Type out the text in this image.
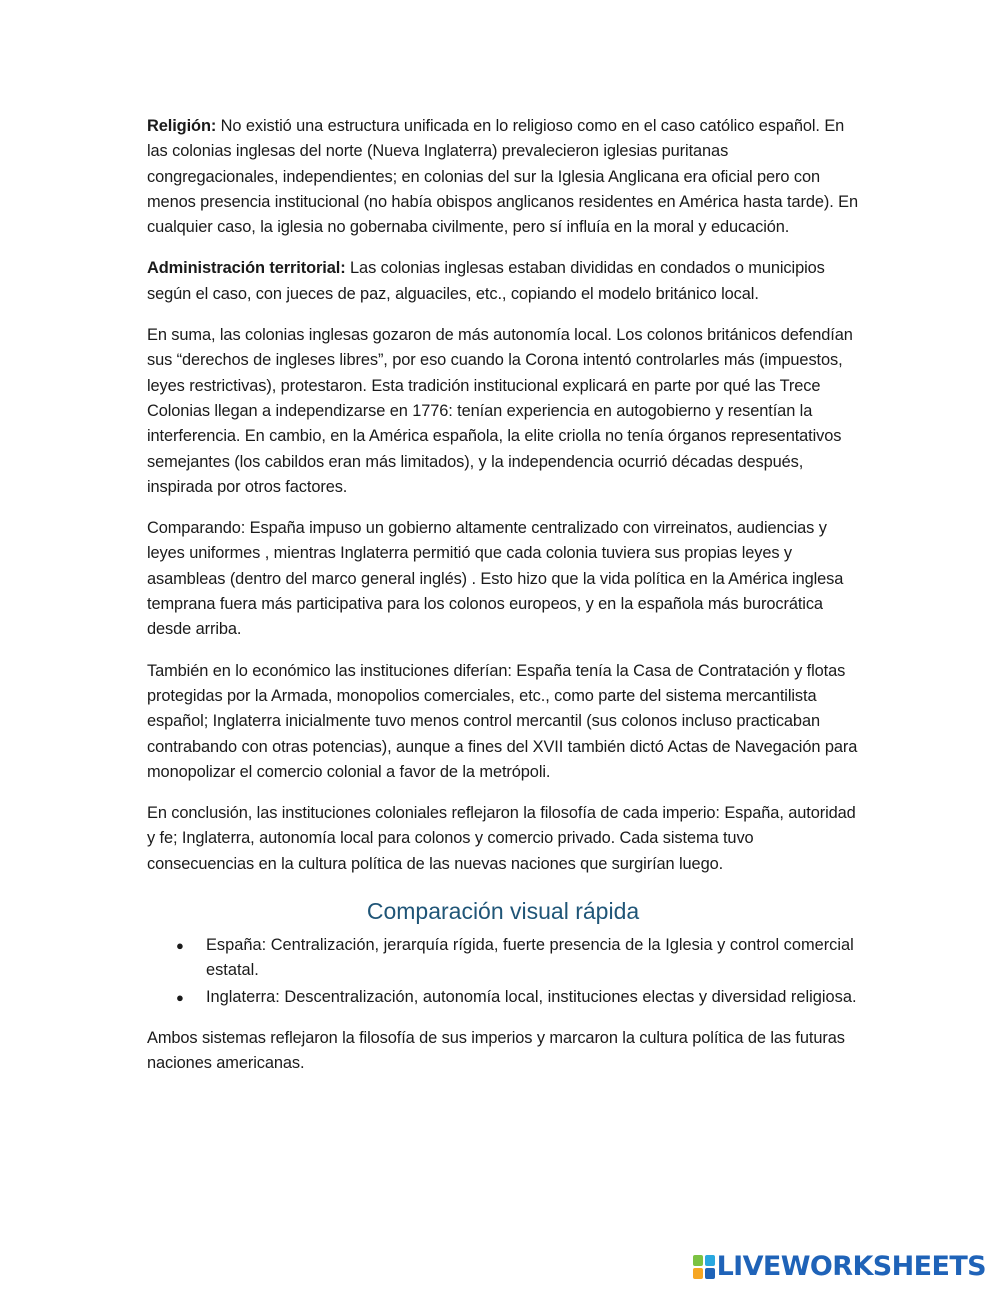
Religión: No existió una estructura unificada en lo religioso como en el caso católico español. En las colonias inglesas del norte (Nueva Inglaterra) prevalecieron iglesias puritanas congregacionales, independientes; en colonias del sur la Iglesia Anglicana era oficial pero con menos presencia institucional (no había obispos anglicanos residentes en América hasta tarde). En cualquier caso, la iglesia no gobernaba civilmente, pero sí influía en la moral y educación.

Administración territorial: Las colonias inglesas estaban divididas en condados o municipios según el caso, con jueces de paz, alguaciles, etc., copiando el modelo británico local.

En suma, las colonias inglesas gozaron de más autonomía local. Los colonos británicos defendían sus “derechos de ingleses libres”, por eso cuando la Corona intentó controlarles más (impuestos, leyes restrictivas), protestaron. Esta tradición institucional explicará en parte por qué las Trece Colonias llegan a independizarse en 1776: tenían experiencia en autogobierno y resentían la interferencia. En cambio, en la América española, la elite criolla no tenía órganos representativos semejantes (los cabildos eran más limitados), y la independencia ocurrió décadas después, inspirada por otros factores.

Comparando: España impuso un gobierno altamente centralizado con virreinatos, audiencias y leyes uniformes , mientras Inglaterra permitió que cada colonia tuviera sus propias leyes y asambleas (dentro del marco general inglés) . Esto hizo que la vida política en la América inglesa temprana fuera más participativa para los colonos europeos, y en la española más burocrática desde arriba.

También en lo económico las instituciones diferían: España tenía la Casa de Contratación y flotas protegidas por la Armada, monopolios comerciales, etc., como parte del sistema mercantilista español; Inglaterra inicialmente tuvo menos control mercantil (sus colonos incluso practicaban contrabando con otras potencias), aunque a fines del XVII también dictó Actas de Navegación para monopolizar el comercio colonial a favor de la metrópoli.

En conclusión, las instituciones coloniales reflejaron la filosofía de cada imperio: España, autoridad y fe; Inglaterra, autonomía local para colonos y comercio privado. Cada sistema tuvo consecuencias en la cultura política de las nuevas naciones que surgirían luego.

Comparación visual rápida
● España: Centralización, jerarquía rígida, fuerte presencia de la Iglesia y control comercial estatal.
● Inglaterra: Descentralización, autonomía local, instituciones electas y diversidad religiosa.

Ambos sistemas reflejaron la filosofía de sus imperios y marcaron la cultura política de las futuras naciones americanas.

LIVEWORKSHEETS
